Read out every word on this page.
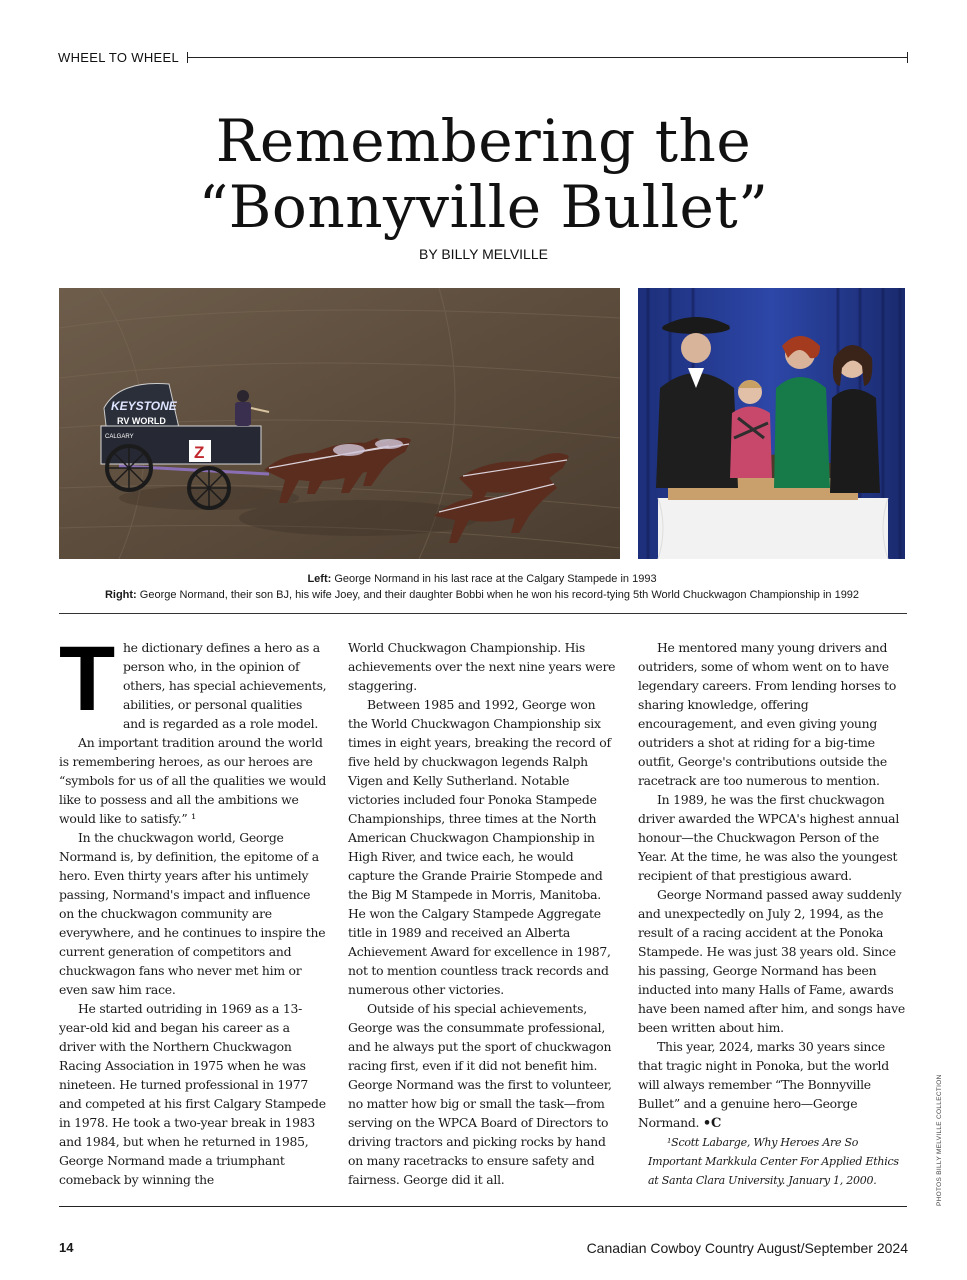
WHEEL TO WHEEL
Remembering the
“Bonnyville Bullet”
BY BILLY MELVILLE
KEYSTONE
RV WORLD
CALGARY
Z
Left: George Normand in his last race at the Calgary Stampede in 1993
Right: George Normand, their son BJ, his wife Joey, and their daughter Bobbi when he won his record-tying 5th World Chuckwagon Championship in 1992

The dictionary defines a hero as a person who, in the opinion of others, has special achievements, abilities, or personal qualities and is regarded as a role model.

An important tradition around the world is remembering heroes, as our heroes are “symbols for us of all the qualities we would like to possess and all the ambitions we would like to satisfy.” ¹

In the chuckwagon world, George Normand is, by definition, the epitome of a hero. Even thirty years after his untimely passing, Normand's impact and influence on the chuckwagon community are everywhere, and he continues to inspire the current generation of competitors and chuckwagon fans who never met him or even saw him race.

He started outriding in 1969 as a 13-year-old kid and began his career as a driver with the Northern Chuckwagon Racing Association in 1975 when he was nineteen. He turned professional in 1977 and competed at his first Calgary Stampede in 1978. He took a two-year break in 1983 and 1984, but when he returned in 1985, George Normand made a triumphant comeback by winning the

World Chuckwagon Championship. His achievements over the next nine years were staggering.

Between 1985 and 1992, George won the World Chuckwagon Championship six times in eight years, breaking the record of five held by chuckwagon legends Ralph Vigen and Kelly Sutherland. Notable victories included four Ponoka Stampede Championships, three times at the North American Chuckwagon Championship in High River, and twice each, he would capture the Grande Prairie Stompede and the Big M Stampede in Morris, Manitoba. He won the Calgary Stampede Aggregate title in 1989 and received an Alberta Achievement Award for excellence in 1987, not to mention countless track records and numerous other victories.

Outside of his special achievements, George was the consummate professional, and he always put the sport of chuckwagon racing first, even if it did not benefit him. George Normand was the first to volunteer, no matter how big or small the task—from serving on the WPCA Board of Directors to driving tractors and picking rocks by hand on many racetracks to ensure safety and fairness. George did it all.

He mentored many young drivers and outriders, some of whom went on to have legendary careers. From lending horses to sharing knowledge, offering encouragement, and even giving young outriders a shot at riding for a big-time outfit, George's contributions outside the racetrack are too numerous to mention.

In 1989, he was the first chuckwagon driver awarded the WPCA's highest annual honour—the Chuckwagon Person of the Year. At the time, he was also the youngest recipient of that prestigious award.

George Normand passed away suddenly and unexpectedly on July 2, 1994, as the result of a racing accident at the Ponoka Stampede. He was just 38 years old. Since his passing, George Normand has been inducted into many Halls of Fame, awards have been named after him, and songs have been written about him.

This year, 2024, marks 30 years since that tragic night in Ponoka, but the world will always remember “The Bonnyville Bullet” and a genuine hero—George Normand. •C

¹Scott Labarge, Why Heroes Are So Important Markkula Center For Applied Ethics at Santa Clara University. January 1, 2000.	PHOTOS BILLY MELVILLE COLLECTION
14	Canadian Cowboy Country August/September 2024
